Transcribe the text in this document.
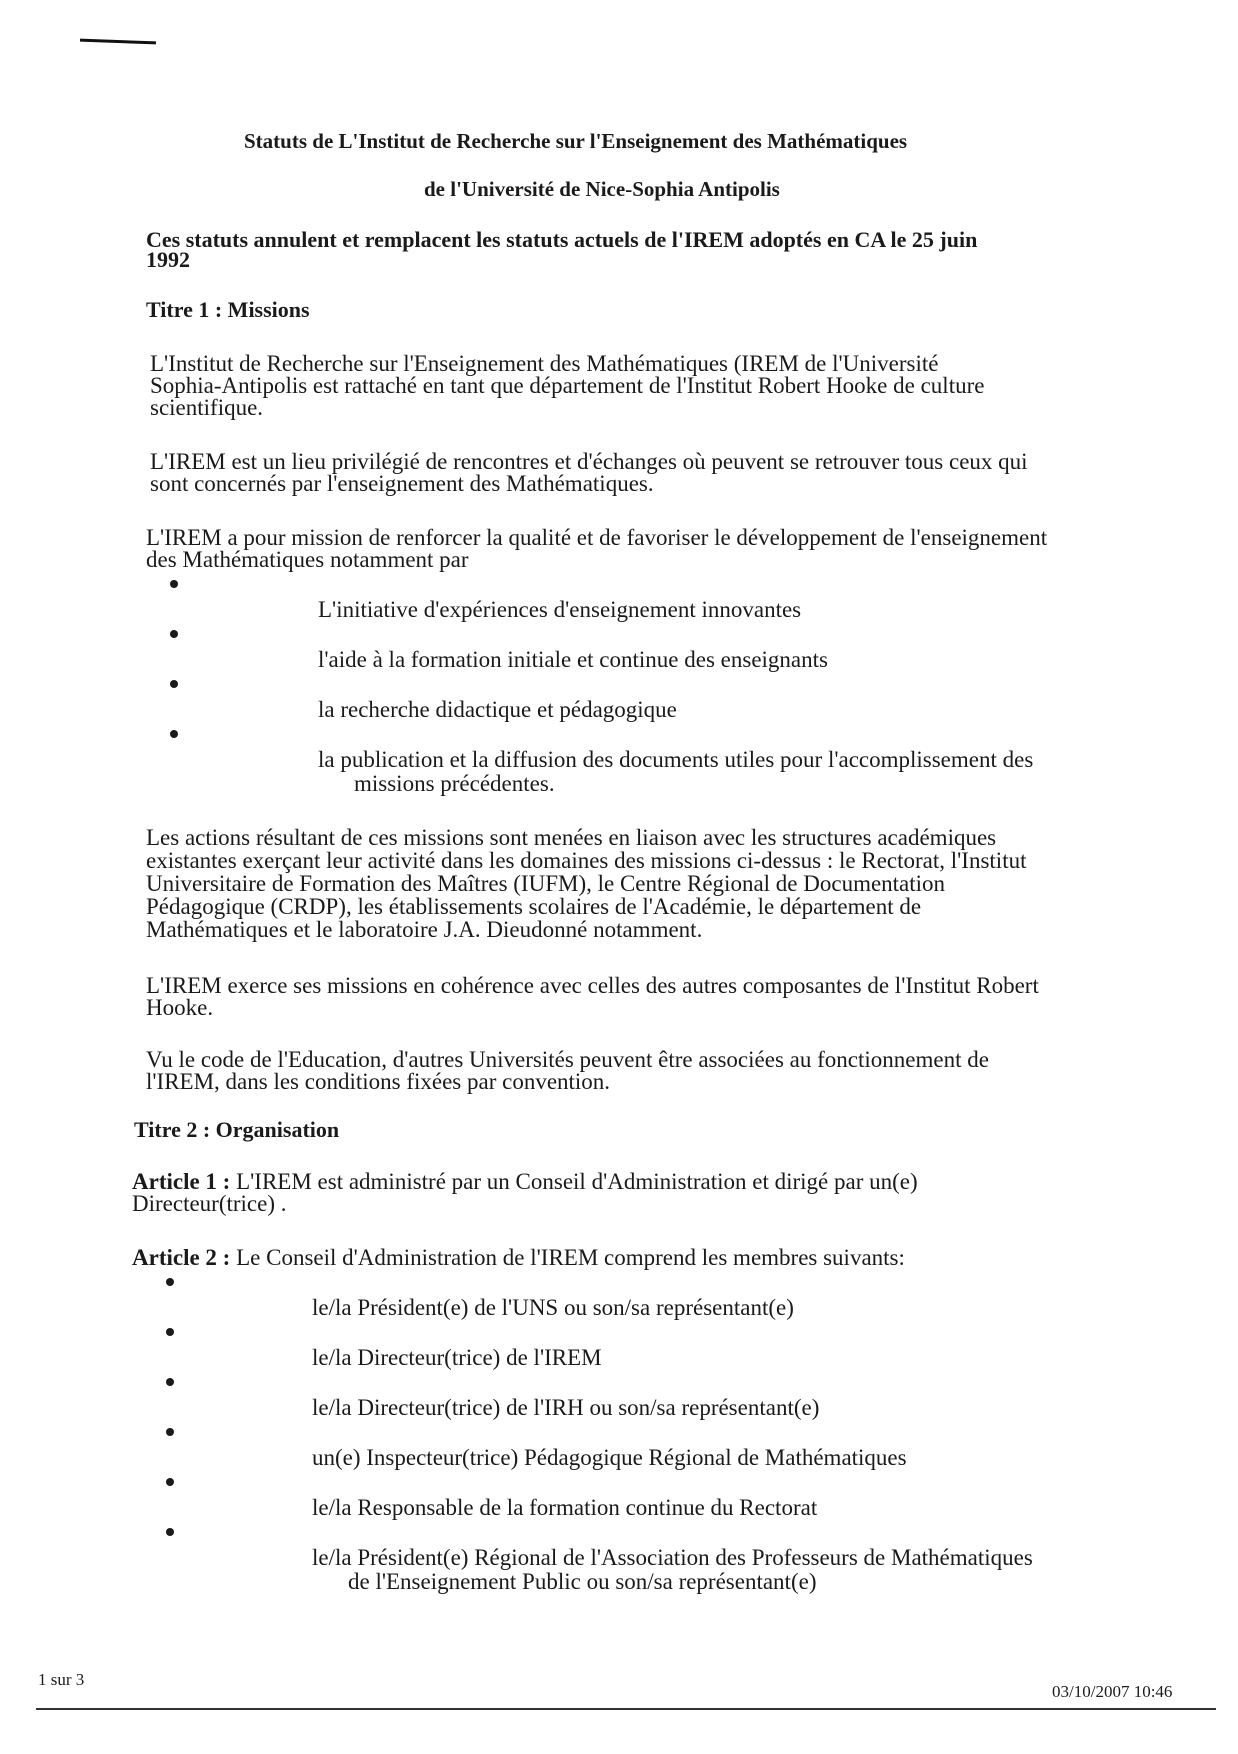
Statuts de L'Institut de Recherche sur l'Enseignement des Mathématiques
de l'Université de Nice-Sophia Antipolis
Ces statuts annulent et remplacent les statuts actuels de l'IREM adoptés en CA le 25 juin
1992
Titre 1 : Missions
L'Institut de Recherche sur l'Enseignement des Mathématiques (IREM de l'Université
Sophia-Antipolis est rattaché en tant que département de l'Institut Robert Hooke de culture
scientifique.
L'IREM est un lieu privilégié de rencontres et d'échanges où peuvent se retrouver tous ceux qui
sont concernés par l'enseignement des Mathématiques.
L'IREM a pour mission de renforcer la qualité et de favoriser le développement de l'enseignement
des Mathématiques notamment par
L'initiative d'expériences d'enseignement innovantes
l'aide à la formation initiale et continue des enseignants
la recherche didactique et pédagogique
la publication et la diffusion des documents utiles pour l'accomplissement des
missions précédentes.
Les actions résultant de ces missions sont menées en liaison avec les structures académiques
existantes exerçant leur activité dans les domaines des missions ci-dessus : le Rectorat, l'Institut
Universitaire de Formation des Maîtres (IUFM), le Centre Régional de Documentation
Pédagogique (CRDP), les établissements scolaires de l'Académie, le département de
Mathématiques et le laboratoire J.A. Dieudonné notamment.
L'IREM exerce ses missions en cohérence avec celles des autres composantes de l'Institut Robert
Hooke.
Vu le code de l'Education, d'autres Universités peuvent être associées au fonctionnement de
l'IREM, dans les conditions fixées par convention.
Titre 2 : Organisation
Article 1 : L'IREM est administré par un Conseil d'Administration et dirigé par un(e)
Directeur(trice) .
Article 2 : Le Conseil d'Administration de l'IREM comprend les membres suivants:
le/la Président(e) de l'UNS ou son/sa représentant(e)
le/la Directeur(trice) de l'IREM
le/la Directeur(trice) de l'IRH ou son/sa représentant(e)
un(e) Inspecteur(trice) Pédagogique Régional de Mathématiques
le/la Responsable de la formation continue du Rectorat
le/la Président(e) Régional de l'Association des Professeurs de Mathématiques
de l'Enseignement Public ou son/sa représentant(e)
1 sur 3
03/10/2007 10:46
